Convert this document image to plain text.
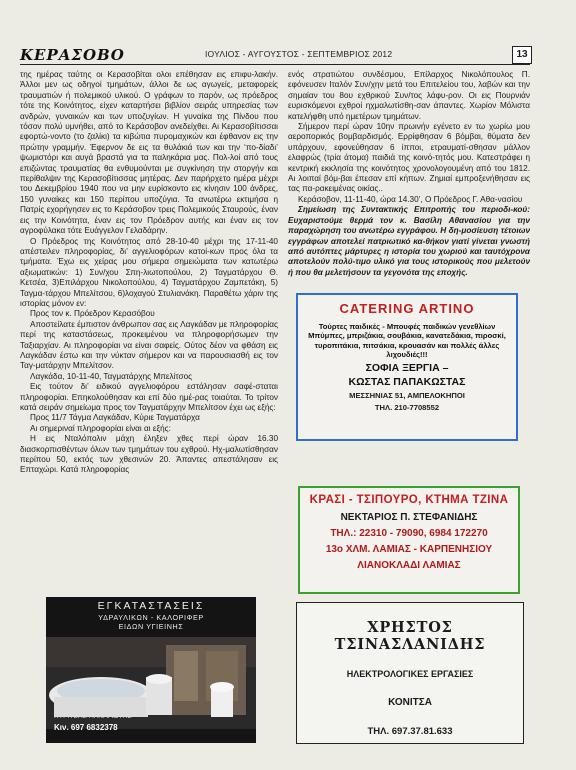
ΚΕΡΑΣΟΒΟ	ΙΟΥΛΙΟΣ - ΑΥΓΟΥΣΤΟΣ - ΣΕΠΤΕΜΒΡΙΟΣ 2012	13

της ημέρας ταύτης οι Κερασοβίται ολοι επέθησαν εις επιφυ-λακήν. Άλλοι μεν ως οδηγοί τμημάτων, άλλοι δε ως αγωγείς, μεταφορείς τραυματιών ή πολεμικού υλικού. Ο γράφων το παρόν, ως πρόεδρος τότε της Κοινότητος, είχεν καταρτήσει βιβλίον σειράς υπηρεσίας των ανδρών, γυναικών και των υποζυγίων. Η γυναίκα της Πίνδου που τόσον πολύ υμνήθει, από το Κεράσοβον ανεδείχθει. Αι Κερασοβίτισσαι εφορτώ-νοντο (το ζαλίκι) τα κιβώτια πυρομαχικών και έφθανον εις την πρώτην γραμμήν. Έφερνον δε εις τα θυλάκιά των και την ‘πο-δίαδι’ ψωμιστόρι και αυγά βραστά για τα παληκάρια μας. Πολ-λοί από τους επιζώντας τραυματίας θα ενθυμούνται με συγκίνηση την στοργήν και περίθαλψιν της Κερασοβίτισσας μητέρας. Δεν παρήρχετο ημέρα μέχρι του Δεκεμβρίου 1940 που να μην ευρίσκοντο εις κίνησιν 100 άνδρες, 150 γυναίκες και 150 περίπου υποζύγια. Τα ανωτέρω εκτιμήσα η Πατρίς εχορήγησεν εις το Κεράσοβον τρεις Πολεμικούς Σταυρούς, έναν εις την Κοινότητα, έναν εις τον Πρόεδρον αυτής και έναν εις τον αγροφύλακα τότε Ευάγγελον Γελαδάρην.

Ο Πρόεδρος της Κοινότητος από 28-10-40 μέχρι της 17-11-40 απέστειλεν πληροφορίας, δι’ αγγελιοφόρων κατοί-κων προς όλα τα τμήματα. Έχω εις χείρας μου σήμερα σημειώματα των κατωτέρω αξιωματικών: 1) Συν/χου Σπη-λιωτοπούλου, 2) Ταγματάρχου Θ. Κετσέα, 3)Επιλάρχου Νικολοπούλου, 4) Ταγματάρχου Ζαμπετάκη, 5) Ταγμα-τάρχου Μπελίτσου, 6)λοχαγού Στυλιανάκη. Παραθέτω χάριν της ιστορίας μόνον εν:

Προς τον κ. Πρόεδρον Κερασόβου

Αποστείλατε έμπιστον άνθρωπον σας εις Λαγκάδαν με πληροφορίας περί της καταστάσεως, προκειμένου να πληροφορήσωμεν την Ταξιαρχίαν. Αι πληροφορίαι να είναι σαφείς. Ούτος δέον να φθάση εις Λαγκάδαν έστω και την νύκταν σήμερον και να παρουσιασθή εις τον Ταγ-ματάρχην Μπελίτσον.

Λαγκάδα, 10-11-40, Ταγματάρχης Μπελίτσος

Εις τούτον δι’ ειδικού αγγελιοφόρου εστάλησαν σαφέ-σταται πληροφορίαι. Επηκολούθησαν και επί δύο ημέ-ρας τοιαύται. Το τρίτον κατά σειράν σημείωμα προς τον Ταγματάρχην Μπελίτσον έχει ως εξής:

Προς 11/7 Τάγμα Λαγκάδαν, Κύριε Ταγματάρχα

Αι σημεριναί πληροφορίαι είναι αι εξής:

Η εις Νταλόπολιν μάχη έληξεν χθες περί ώραν 16.30 διασκορπισθέντων όλων των τμημάτων του εχθρού. Ηχ-μαλωτίσθησαν περίπου 50, εκτός των χθεσινών 20. Άπαντες απεστάλησαν εις Επταχώρι. Κατά πληροφορίας

ενός στρατιώτου συνδέσμου, Επίλαρχος Νικολόπουλος Π. εφόνευσεν Ιταλόν Συν/χην μετά του Επιτελείου του, λαβών και την σημαίαν του 8ου εχθρικού Συν/τος λάφυ-ρον. Οι εις Πουρνιάν ευρισκόμενοι εχθροί ηχμαλωτίσθη-σαν άπαντες. Χωρίον Μόλιστα κατελήφθη υπό ημετέρων τμημάτων.

Σήμερον περί ώραν 10ην πρωινήν εγένετο εν τω χωρίω μου αεροπορικός βομβαρδισμός. Ερρίφθησαν 6 βόμβαι, θύματα δεν υπάρχουν, εφονεύθησαν 6 ίπποι, ετραυματί-σθησαν μάλλον ελαφρώς (τρία άτομα) παιδιά της κοινό-τητός μου. Κατεστράφει η κεντρική εκκλησία της κοινότητος χρονολογουμένη από του 1812. Αι λοιπαί βόμ-βαι έπεσαν επί κήπων. Ζημιαί εμπροξενήθησαν εις τας πα-ρακειμένας οικίας..

Κεράσοβον, 11-11-40, ώρα 14.30’, Ο Πρόεδρος Γ. Αθα-νασίου

Σημείωση της Συντακτικής Επιτροπής του περιοδι-κού: Ευχαριστούμε θερμά τον κ. Βασίλη Αθανασίου για την παραχώρηση του ανωτέρω εγγράφου. Η δη-μοσίευση τέτοιων εγγράφων αποτελεί πατριωτικό κα-θήκον γιατί γίνεται γνωστή από αυτόπτες μάρτυρες η ιστορία του χωριού και ταυτόχρονα αποτελούν πολύ-τιμο υλικό για τους ιστορικούς που μελετούν ή που θα μελετήσουν τα γεγονότα της εποχής.

CATERING ARTINO
Τούρτες παιδικές - Μπουφές παιδικών γενεθλίων Μπύμπες, μπριζάκια, σουβάκια, κανατεδάκια, πιροσκί, τυροπιτάκια, πιτσάκια, κρουασάν και πολλές άλλες λιχουδιές!!!
ΣΟΦΙΑ ΞΕΡΓΙΑ –
ΚΩΣΤΑΣ ΠΑΠΑΚΩΣΤΑΣ
ΜΕΣΣΗΝΙΑΣ 51, ΑΜΠΕΛΟΚΗΠΟΙ
ΤΗΛ. 210-7708552
ΚΡΑΣΙ - ΤΣΙΠΟΥΡΟ, ΚΤΗΜΑ ΤΖΙΝΑ
ΝΕΚΤΑΡΙΟΣ Π. ΣΤΕΦΑΝΙΔΗΣ
ΤΗΛ.: 22310 - 79090, 6984 172270
13ο ΧΛΜ. ΛΑΜΙΑΣ - ΚΑΡΠΕΝΗΣΙΟΥ
ΛΙΑΝΟΚΛΑΔΙ ΛΑΜΙΑΣ
ΕΓΚΑΤΑΣΤΑΣΕΙΣ
ΥΔΡΑΥΛΙΚΩΝ - ΚΑΛΟΡΙΦΕΡ
ΕΙΔΩΝ ΥΓΙΕΙΝΗΣ
ΚΥΡΙΤΣΗΣ ΠΑΝΑΓΙΩΤΗΣ
Κιν. 697 6832378
ΧΡΗΣΤΟΣ ΤΣΙΝΑΣΛΑΝΙΔΗΣ
ΗΛΕΚΤΡΟΛΟΓΙΚΕΣ ΕΡΓΑΣΙΕΣ
ΚΟΝΙΤΣΑ
ΤΗΛ. 697.37.81.633
